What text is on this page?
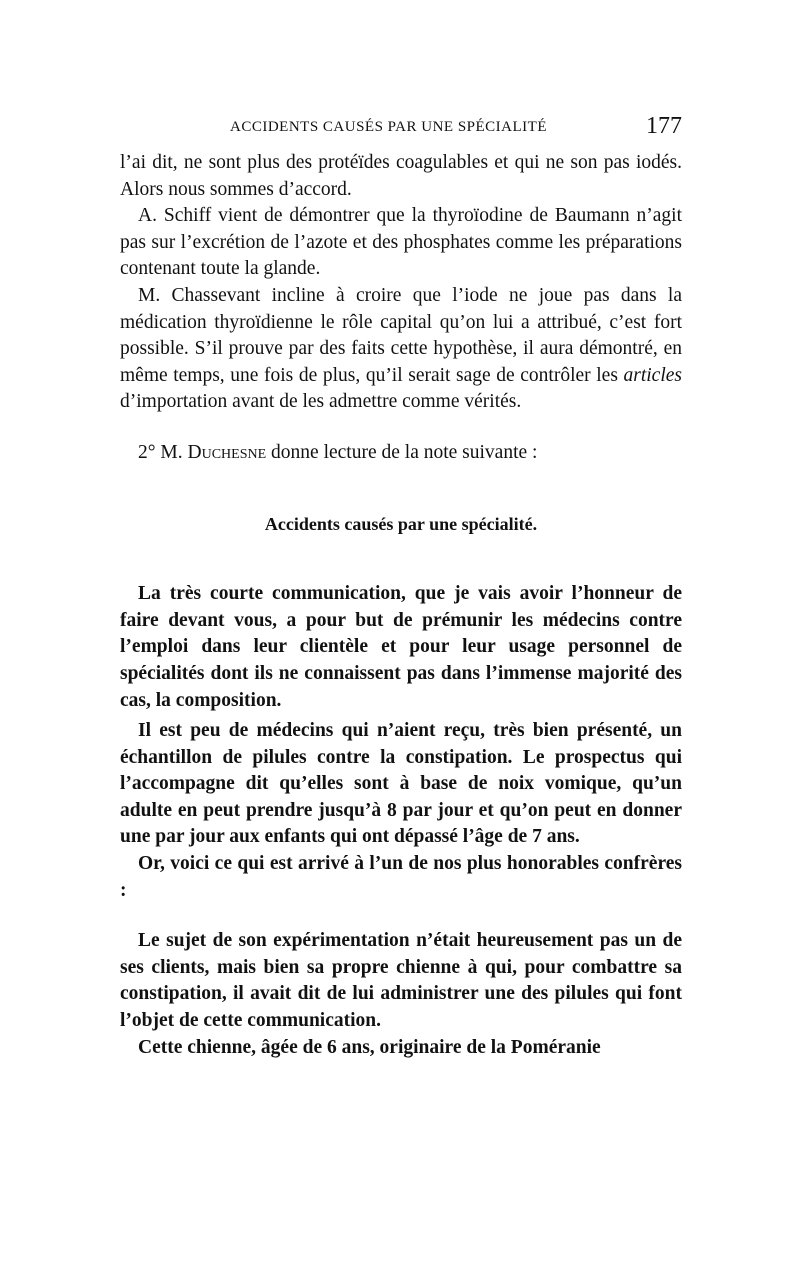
ACCIDENTS CAUSÉS PAR UNE SPÉCIALITÉ	177

l’ai dit, ne sont plus des protéïdes coagulables et qui ne son pas iodés. Alors nous sommes d’accord.

A. Schiff vient de démontrer que la thyroïodine de Baumann n’agit pas sur l’excrétion de l’azote et des phosphates comme les préparations contenant toute la glande.

M. Chassevant incline à croire que l’iode ne joue pas dans la médication thyroïdienne le rôle capital qu’on lui a attribué, c’est fort possible. S’il prouve par des faits cette hypothèse, il aura démontré, en même temps, une fois de plus, qu’il serait sage de contrôler les articles d’importation avant de les admettre comme vérités.

2° M. Duchesne donne lecture de la note suivante :

Accidents causés par une spécialité.

La très courte communication, que je vais avoir l’honneur de faire devant vous, a pour but de prémunir les médecins contre l’emploi dans leur clientèle et pour leur usage personnel de spécialités dont ils ne connaissent pas dans l’immense majorité des cas, la composition.

Il est peu de médecins qui n’aient reçu, très bien présenté, un échantillon de pilules contre la constipation. Le prospectus qui l’accompagne dit qu’elles sont à base de noix vomique, qu’un adulte en peut prendre jusqu’à 8 par jour et qu’on peut en donner une par jour aux enfants qui ont dépassé l’âge de 7 ans.

Or, voici ce qui est arrivé à l’un de nos plus honorables confrères :

Le sujet de son expérimentation n’était heureusement pas un de ses clients, mais bien sa propre chienne à qui, pour combattre sa constipation, il avait dit de lui administrer une des pilules qui font l’objet de cette communication.

Cette chienne, âgée de 6 ans, originaire de la Poméranie
